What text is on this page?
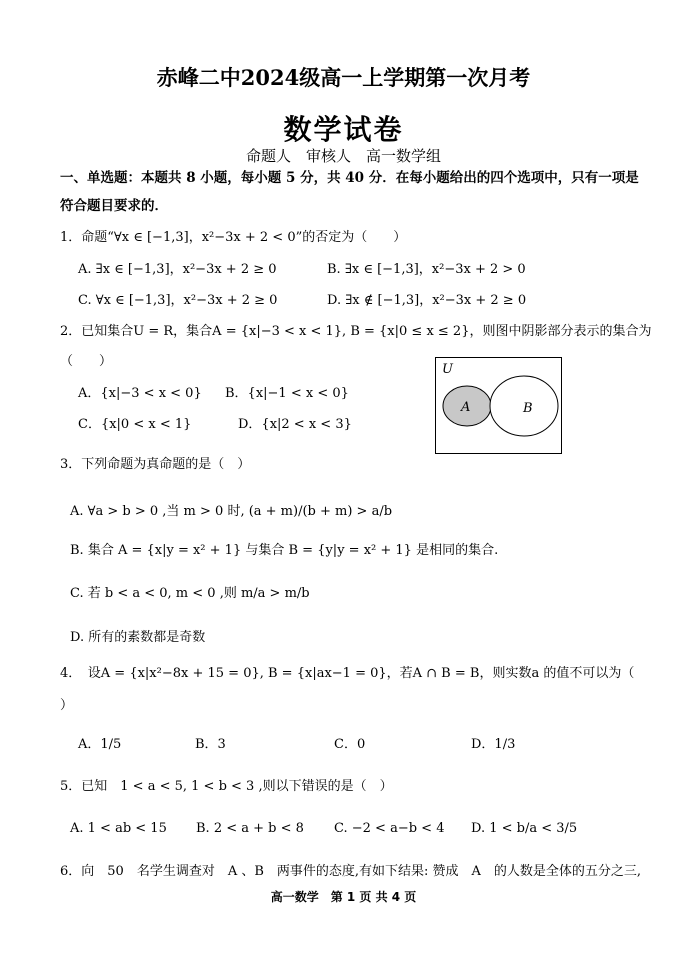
赤峰二中2024级高一上学期第一次月考
数学试卷
命题人　审核人　高一数学组
一、单选题：本题共 8 小题，每小题 5 分，共 40 分．在每小题给出的四个选项中，只有一项是
符合题目要求的．
1．命题“∀x ∈ [−1,3]，x²−3x + 2 < 0”的否定为（　　）
A. ∃x ∈ [−1,3]，x²−3x + 2 ≥ 0	B. ∃x ∈ [−1,3]，x²−3x + 2 > 0
C. ∀x ∈ [−1,3]，x²−3x + 2 ≥ 0	D. ∃x ∉ [−1,3]，x²−3x + 2 ≥ 0
2．已知集合U = R，集合A = {x|−3 < x < 1}, B = {x|0 ≤ x ≤ 2}，则图中阴影部分表示的集合为
（　　）
A．{x|−3 < x < 0} B．{x|−1 < x < 0}
C．{x|0 < x < 1}	D．{x|2 < x < 3}
U
A	B
3．下列命题为真命题的是（　）
A. ∀a > b > 0 ,当 m > 0 时, (a + m)/(b + m) > a/b
B. 集合 A = {x|y = x² + 1} 与集合 B = {y|y = x² + 1} 是相同的集合.
C. 若 b < a < 0, m < 0 ,则 m/a > m/b
D. 所有的素数都是奇数
4．　设A = {x|x²−8x + 15 = 0}, B = {x|ax−1 = 0}，若A ∩ B = B，则实数a 的值不可以为（
）
A．1/5	B．3	C．0	D．1/3
5．已知　1 < a < 5, 1 < b < 3 ,则以下错误的是（　）
A. 1 < ab < 15 B. 2 < a + b < 8 C. −2 < a−b < 4 D. 1 < b/a < 3/5
6．向　50　名学生调查对　A 、B　两事件的态度,有如下结果: 赞成　A　的人数是全体的五分之三,
高一数学　第 1 页 共 4 页
